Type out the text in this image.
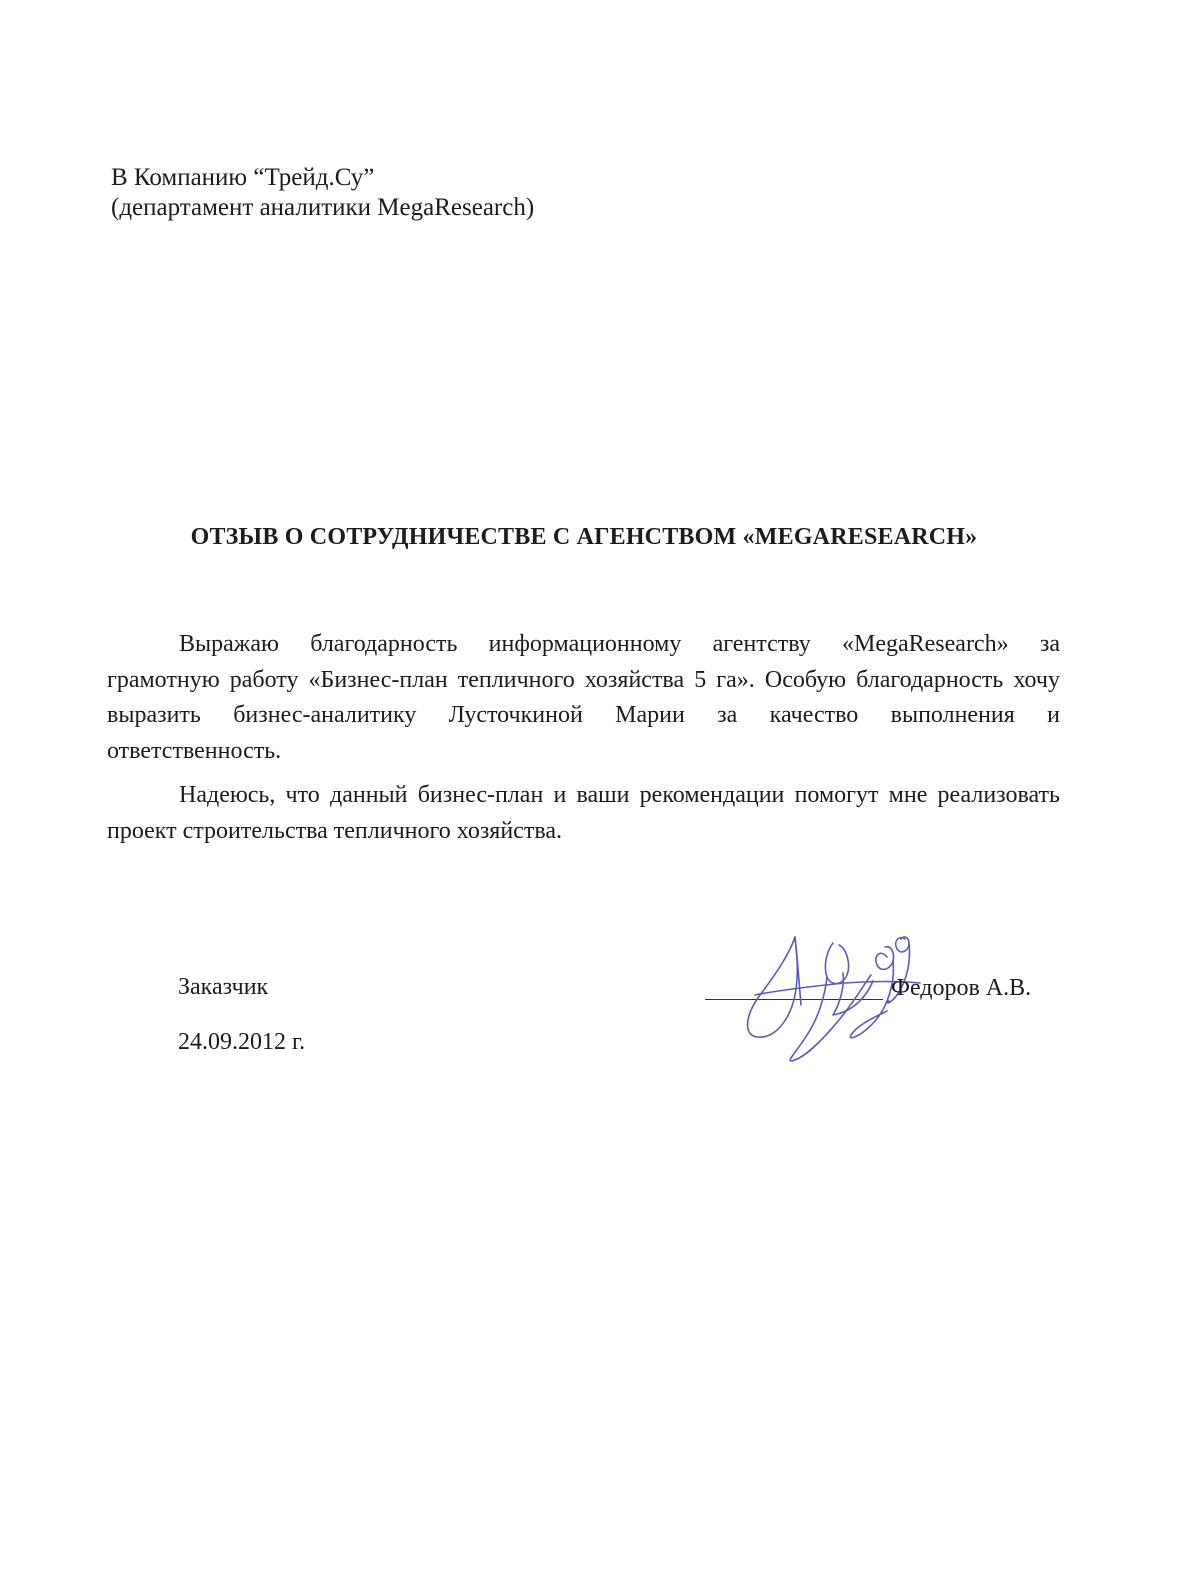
В Компанию “Трейд.Су”
(департамент аналитики MegaResearch)
ОТЗЫВ О СОТРУДНИЧЕСТВЕ С АГЕНСТВОМ «MEGARESEARCH»
Выражаю благодарность информационному агентству «MegaResearch» за
грамотную работу «Бизнес-план тепличного хозяйства 5 га». Особую благодарность хочу
выразить бизнес-аналитику Лусточкиной Марии за качество выполнения и
ответственность.
Надеюсь, что данный бизнес-план и ваши рекомендации помогут мне реализовать
проект строительства тепличного хозяйства.
Заказчик
24.09.2012 г.
Федоров А.В.
